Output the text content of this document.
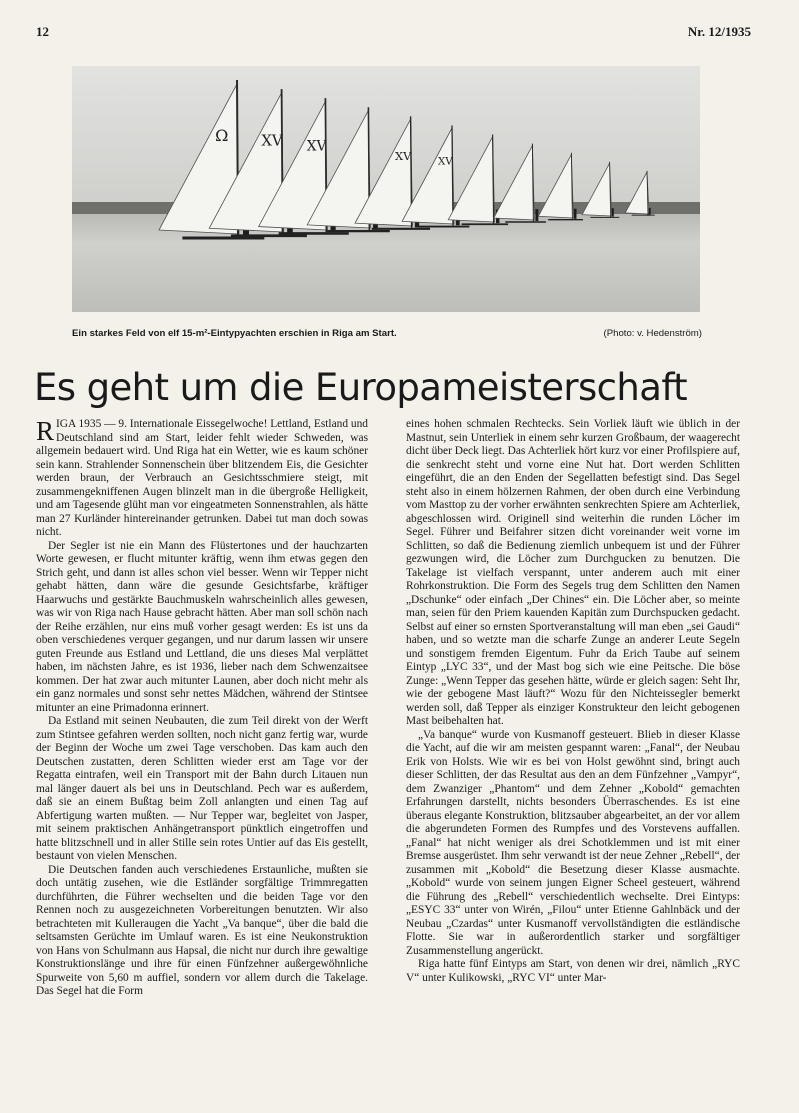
12	Nr. 12/1935
Ω XV XV
XV	XV
Ein starkes Feld von elf 15-m²-Eintypyachten erschien in Riga am Start.	(Photo: v. Hedenström)
Es geht um die Europameisterschaft

RIGA 1935 — 9. Internationale Eissegelwoche! Lettland, Estland und Deutschland sind am Start, leider fehlt wieder Schweden, was allgemein bedauert wird. Und Riga hat ein Wetter, wie es kaum schöner sein kann. Strahlender Sonnenschein über blitzendem Eis, die Gesichter werden braun, der Verbrauch an Gesichtsschmiere steigt, mit zusammengekniffenen Augen blinzelt man in die übergroße Helligkeit, und am Tagesende glüht man vor eingeatmeten Sonnenstrahlen, als hätte man 27 Kurländer hintereinander getrunken. Dabei tut man doch sowas nicht.

Der Segler ist nie ein Mann des Flüstertones und der hauchzarten Worte gewesen, er flucht mitunter kräftig, wenn ihm etwas gegen den Strich geht, und dann ist alles schon viel besser. Wenn wir Tepper nicht gehabt hätten, dann wäre die gesunde Gesichtsfarbe, kräftiger Haarwuchs und gestärkte Bauchmuskeln wahrscheinlich alles gewesen, was wir von Riga nach Hause gebracht hätten. Aber man soll schön nach der Reihe erzählen, nur eins muß vorher gesagt werden: Es ist uns da oben verschiedenes verquer gegangen, und nur darum lassen wir unsere guten Freunde aus Estland und Lettland, die uns dieses Mal verplättet haben, im nächsten Jahre, es ist 1936, lieber nach dem Schwenzaitsee kommen. Der hat zwar auch mitunter Launen, aber doch nicht mehr als ein ganz normales und sonst sehr nettes Mädchen, während der Stintsee mitunter an eine Primadonna erinnert.

Da Estland mit seinen Neubauten, die zum Teil direkt von der Werft zum Stintsee gefahren werden sollten, noch nicht ganz fertig war, wurde der Beginn der Woche um zwei Tage verschoben. Das kam auch den Deutschen zustatten, deren Schlitten wieder erst am Tage vor der Regatta eintrafen, weil ein Transport mit der Bahn durch Litauen nun mal länger dauert als bei uns in Deutschland. Pech war es außerdem, daß sie an einem Bußtag beim Zoll anlangten und einen Tag auf Abfertigung warten mußten. — Nur Tepper war, begleitet von Jasper, mit seinem praktischen Anhängetransport pünktlich eingetroffen und hatte blitzschnell und in aller Stille sein rotes Untier auf das Eis gestellt, bestaunt von vielen Menschen.

Die Deutschen fanden auch verschiedenes Erstaunliche, mußten sie doch untätig zusehen, wie die Estländer sorgfältige Trimmregatten durchführten, die Führer wechselten und die beiden Tage vor den Rennen noch zu ausgezeichneten Vorbereitungen benutzten. Wir also betrachteten mit Kulleraugen die Yacht „Va banque“, über die bald die seltsamsten Gerüchte im Umlauf waren. Es ist eine Neukonstruktion von Hans von Schulmann aus Hapsal, die nicht nur durch ihre gewaltige Konstruktionslänge und ihre für einen Fünfzehner außergewöhnliche Spurweite von 5,60 m auffiel, sondern vor allem durch die Takelage. Das Segel hat die Form

eines hohen schmalen Rechtecks. Sein Vorliek läuft wie üblich in der Mastnut, sein Unterliek in einem sehr kurzen Großbaum, der waagerecht dicht über Deck liegt. Das Achterliek hört kurz vor einer Profilspiere auf, die senkrecht steht und vorne eine Nut hat. Dort werden Schlitten eingeführt, die an den Enden der Segellatten befestigt sind. Das Segel steht also in einem hölzernen Rahmen, der oben durch eine Verbindung vom Masttop zu der vorher erwähnten senkrechten Spiere am Achterliek, abgeschlossen wird. Originell sind weiterhin die runden Löcher im Segel. Führer und Beifahrer sitzen dicht voreinander weit vorne im Schlitten, so daß die Bedienung ziemlich unbequem ist und der Führer gezwungen wird, die Löcher zum Durchgucken zu benutzen. Die Takelage ist vielfach verspannt, unter anderem auch mit einer Rohrkonstruktion. Die Form des Segels trug dem Schlitten den Namen „Dschunke“ oder einfach „Der Chines“ ein. Die Löcher aber, so meinte man, seien für den Priem kauenden Kapitän zum Durchspucken gedacht. Selbst auf einer so ernsten Sportveranstaltung will man eben „sei Gaudi“ haben, und so wetzte man die scharfe Zunge an anderer Leute Segeln und sonstigem fremden Eigentum. Fuhr da Erich Taube auf seinem Eintyp „LYC 33“, und der Mast bog sich wie eine Peitsche. Die böse Zunge: „Wenn Tepper das gesehen hätte, würde er gleich sagen: Seht Ihr, wie der gebogene Mast läuft?“ Wozu für den Nichteissegler bemerkt werden soll, daß Tepper als einziger Konstrukteur den leicht gebogenen Mast beibehalten hat.

„Va banque“ wurde von Kusmanoff gesteuert. Blieb in dieser Klasse die Yacht, auf die wir am meisten gespannt waren: „Fanal“, der Neubau Erik von Holsts. Wie wir es bei von Holst gewöhnt sind, bringt auch dieser Schlitten, der das Resultat aus den an dem Fünfzehner „Vampyr“, dem Zwanziger „Phantom“ und dem Zehner „Kobold“ gemachten Erfahrungen darstellt, nichts besonders Überraschendes. Es ist eine überaus elegante Konstruktion, blitzsauber abgearbeitet, an der vor allem die abgerundeten Formen des Rumpfes und des Vorstevens auffallen. „Fanal“ hat nicht weniger als drei Schotklemmen und ist mit einer Bremse ausgerüstet. Ihm sehr verwandt ist der neue Zehner „Rebell“, der zusammen mit „Kobold“ die Besetzung dieser Klasse ausmachte. „Kobold“ wurde von seinem jungen Eigner Scheel gesteuert, während die Führung des „Rebell“ verschiedentlich wechselte. Drei Eintyps: „ESYC 33“ unter von Wirén, „Filou“ unter Etienne Gahlnbäck und der Neubau „Czardas“ unter Kusmanoff vervollständigten die estländische Flotte. Sie war in außerordentlich starker und sorgfältiger Zusammenstellung angerückt.

Riga hatte fünf Eintyps am Start, von denen wir drei, nämlich „RYC V“ unter Kulikowski, „RYC VI“ unter Mar-
